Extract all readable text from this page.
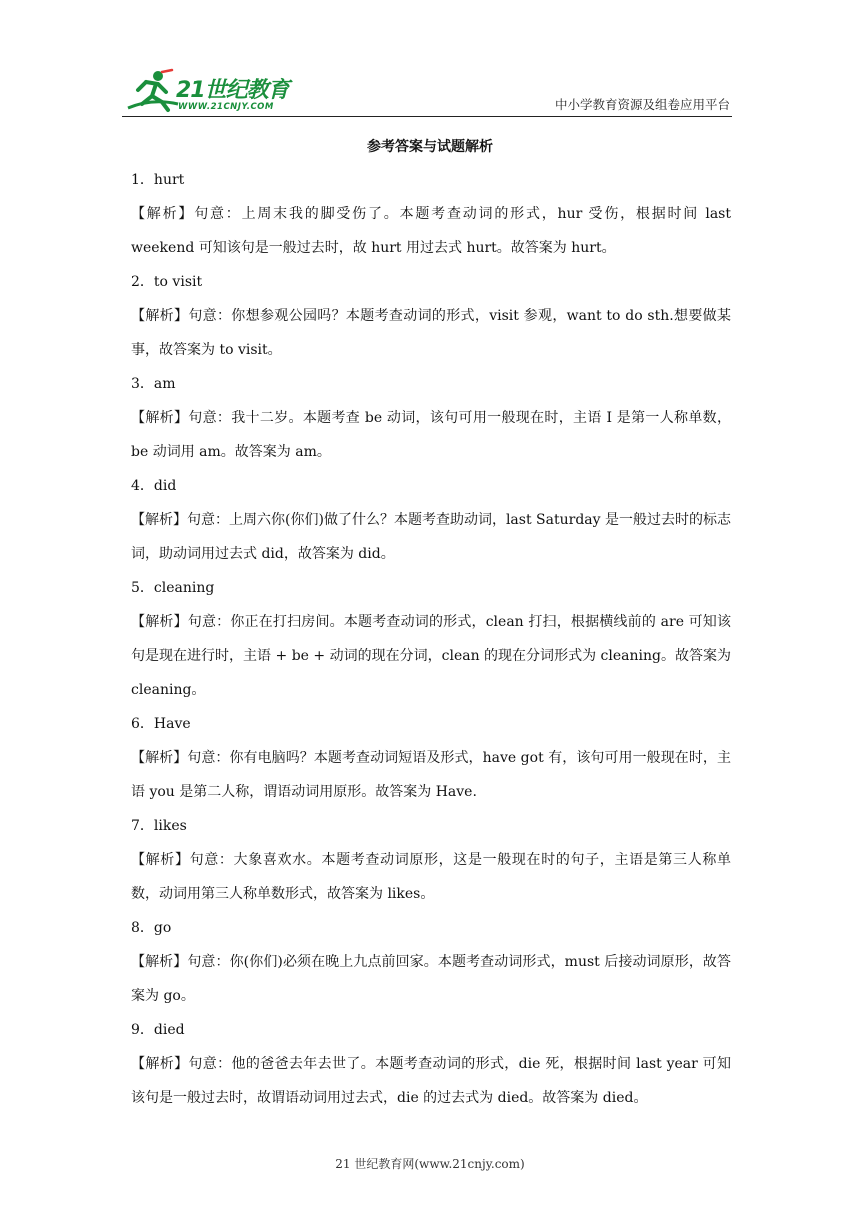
21世纪教育
WWW.21CNJY.COM	中小学教育资源及组卷应用平台
参考答案与试题解析
1．hurt
【解析】句意：上周末我的脚受伤了。本题考查动词的形式，hur 受伤，根据时间 last weekend 可知该句是一般过去时，故 hurt 用过去式 hurt。故答案为 hurt。
2．to visit
【解析】句意：你想参观公园吗？本题考查动词的形式，visit 参观，want to do sth.想要做某事，故答案为 to visit。
3．am
【解析】句意：我十二岁。本题考查 be 动词，该句可用一般现在时，主语 I 是第一人称单数，be 动词用 am。故答案为 am。
4．did
【解析】句意：上周六你(你们)做了什么？本题考查助动词，last Saturday 是一般过去时的标志词，助动词用过去式 did，故答案为 did。
5．cleaning
【解析】句意：你正在打扫房间。本题考查动词的形式，clean 打扫，根据横线前的 are 可知该句是现在进行时，主语 + be + 动词的现在分词，clean 的现在分词形式为 cleaning。故答案为 cleaning。
6．Have
【解析】句意：你有电脑吗？本题考查动词短语及形式，have got 有，该句可用一般现在时，主语 you 是第二人称，谓语动词用原形。故答案为 Have.
7．likes
【解析】句意：大象喜欢水。本题考查动词原形，这是一般现在时的句子，主语是第三人称单数，动词用第三人称单数形式，故答案为 likes。
8．go
【解析】句意：你(你们)必须在晚上九点前回家。本题考查动词形式，must 后接动词原形，故答案为 go。
9．died
【解析】句意：他的爸爸去年去世了。本题考查动词的形式，die 死，根据时间 last year 可知该句是一般过去时，故谓语动词用过去式，die 的过去式为 died。故答案为 died。
21 世纪教育网(www.21cnjy.com)
